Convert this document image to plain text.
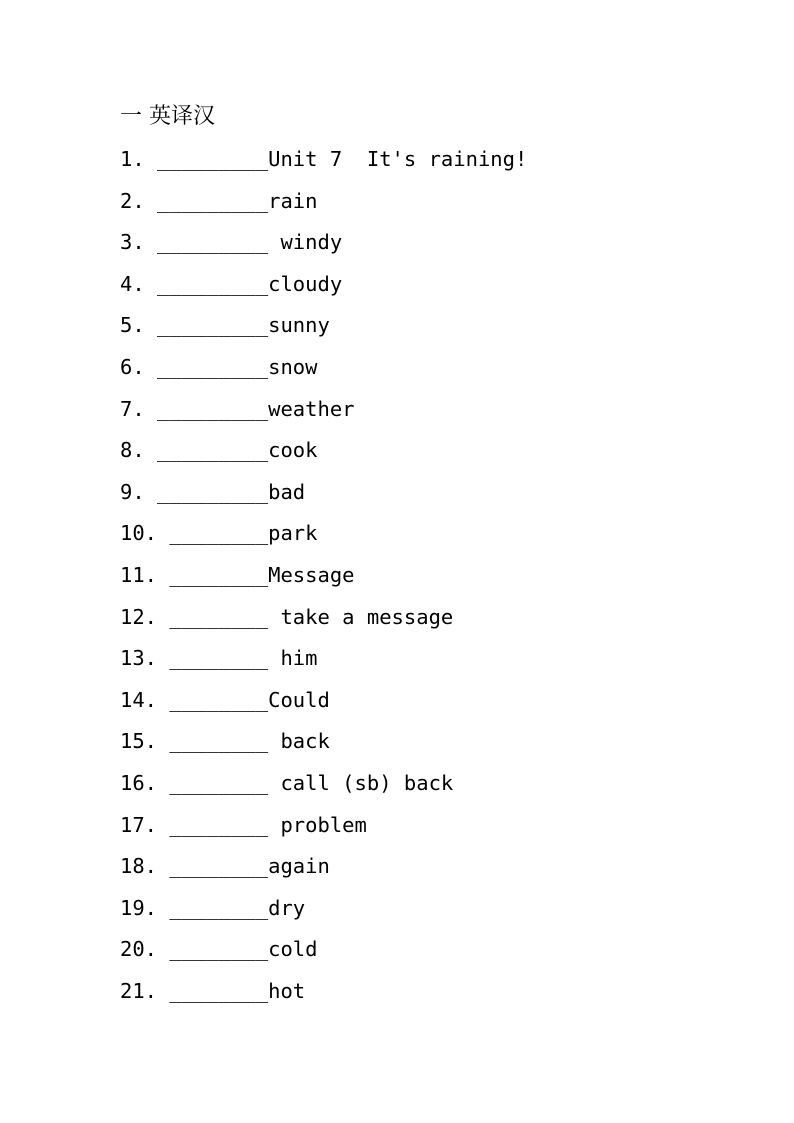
一 英译汉
1. _________Unit 7  It's raining!
2. _________rain
3. _________ windy
4. _________cloudy
5. _________sunny
6. _________snow
7. _________weather
8. _________cook
9. _________bad
10. ________park
11. ________Message
12. ________ take a message
13. ________ him
14. ________Could
15. ________ back
16. ________ call (sb) back
17. ________ problem
18. ________again
19. ________dry
20. ________cold
21. ________hot
